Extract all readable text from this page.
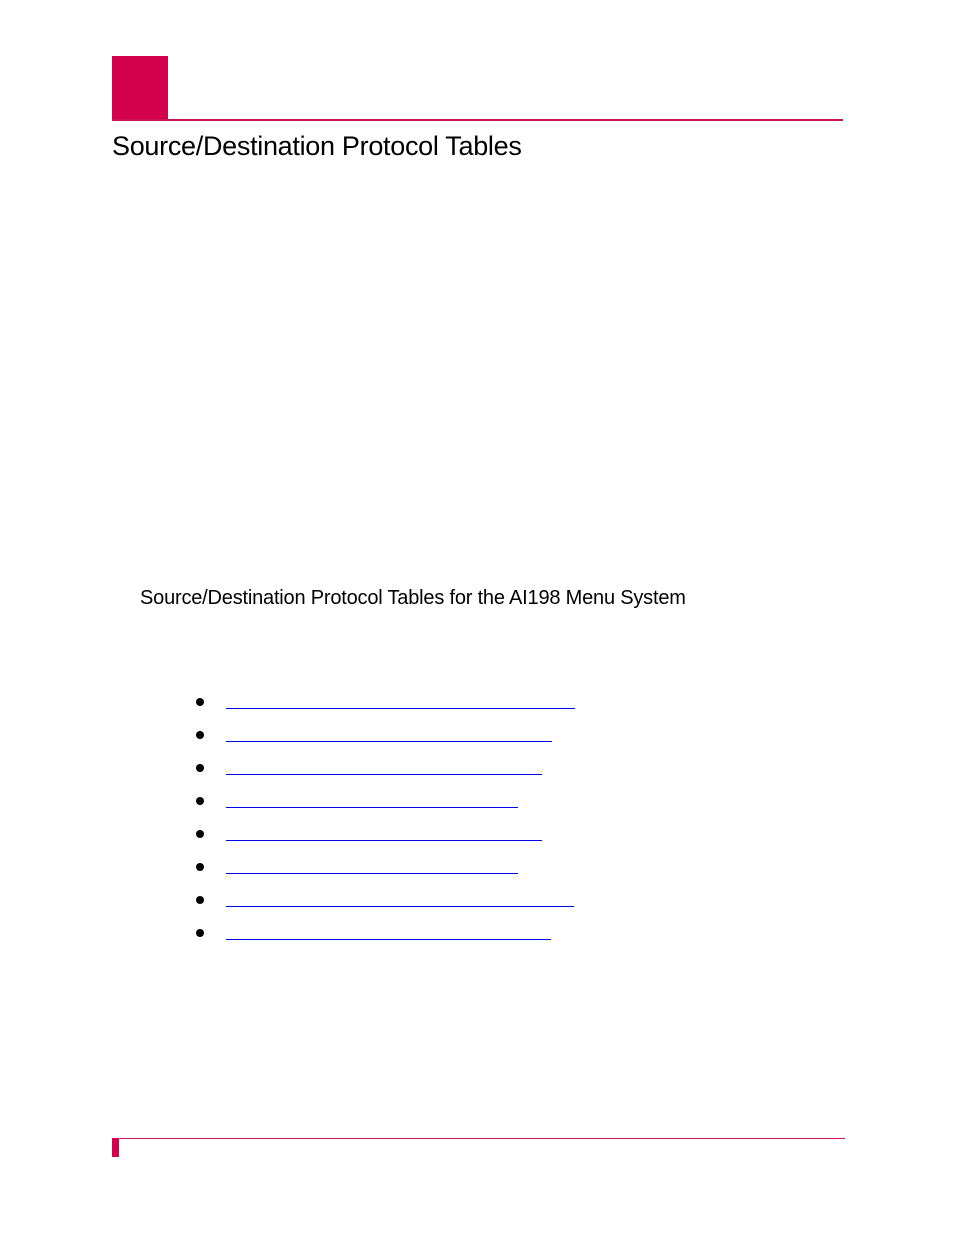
Source/Destination Protocol Tables
Source/Destination Protocol Tables for the AI198 Menu System
